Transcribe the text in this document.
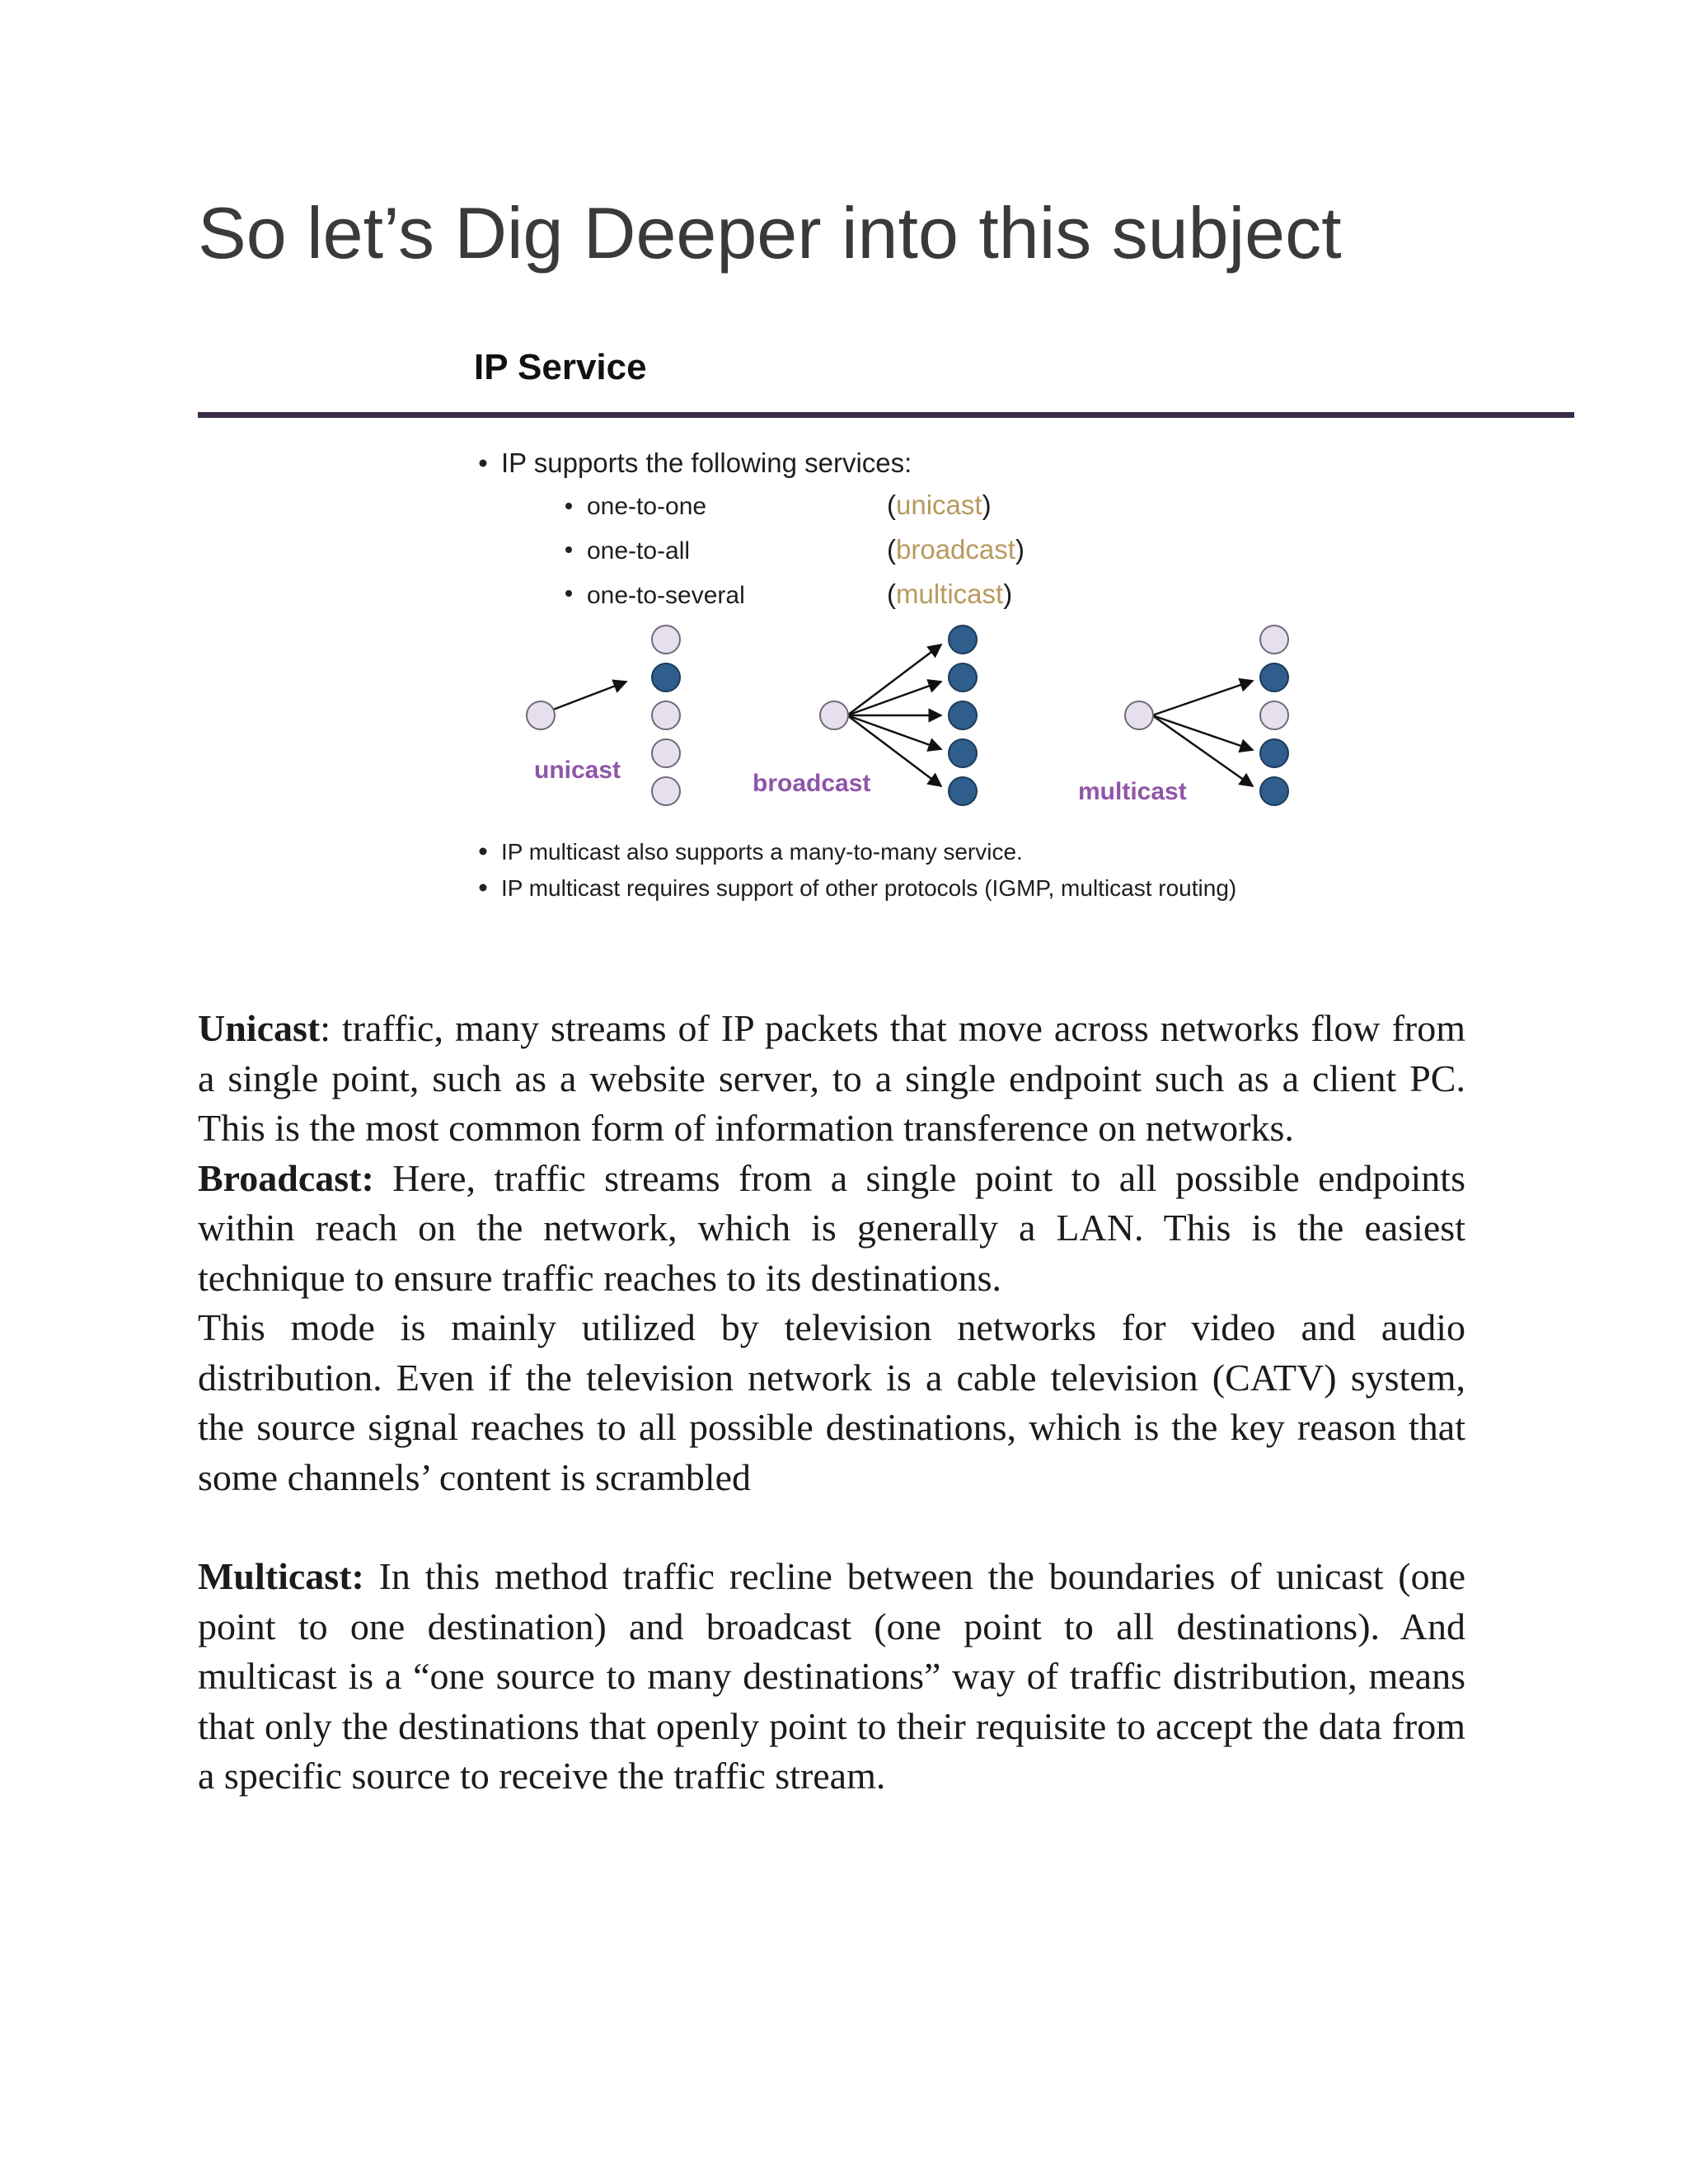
So let’s Dig Deeper into this subject
IP Service
IP supports the following services:
one-to-one	(unicast)
one-to-all	(broadcast)
one-to-several	(multicast)
unicast	broadcast	multicast
IP multicast also supports a many-to-many service.
IP multicast requires support of other protocols (IGMP, multicast routing)

Unicast: traffic, many streams of IP packets that move across networks flow from a single point, such as a website server, to a single endpoint such as a client PC. This is the most common form of information transference on networks.

Broadcast: Here, traffic streams from a single point to all possible endpoints within reach on the network, which is generally a LAN. This is the easiest technique to ensure traffic reaches to its destinations.

This mode is mainly utilized by television networks for video and audio distribution. Even if the television network is a cable television (CATV) system, the source signal reaches to all possible destinations, which is the key reason that some channels’ content is scrambled

Multicast: In this method traffic recline between the boundaries of unicast (one point to one destination) and broadcast (one point to all destinations). And multicast is a “one source to many destinations” way of traffic distribution, means that only the destinations that openly point to their requisite to accept the data from a specific source to receive the traffic stream.
